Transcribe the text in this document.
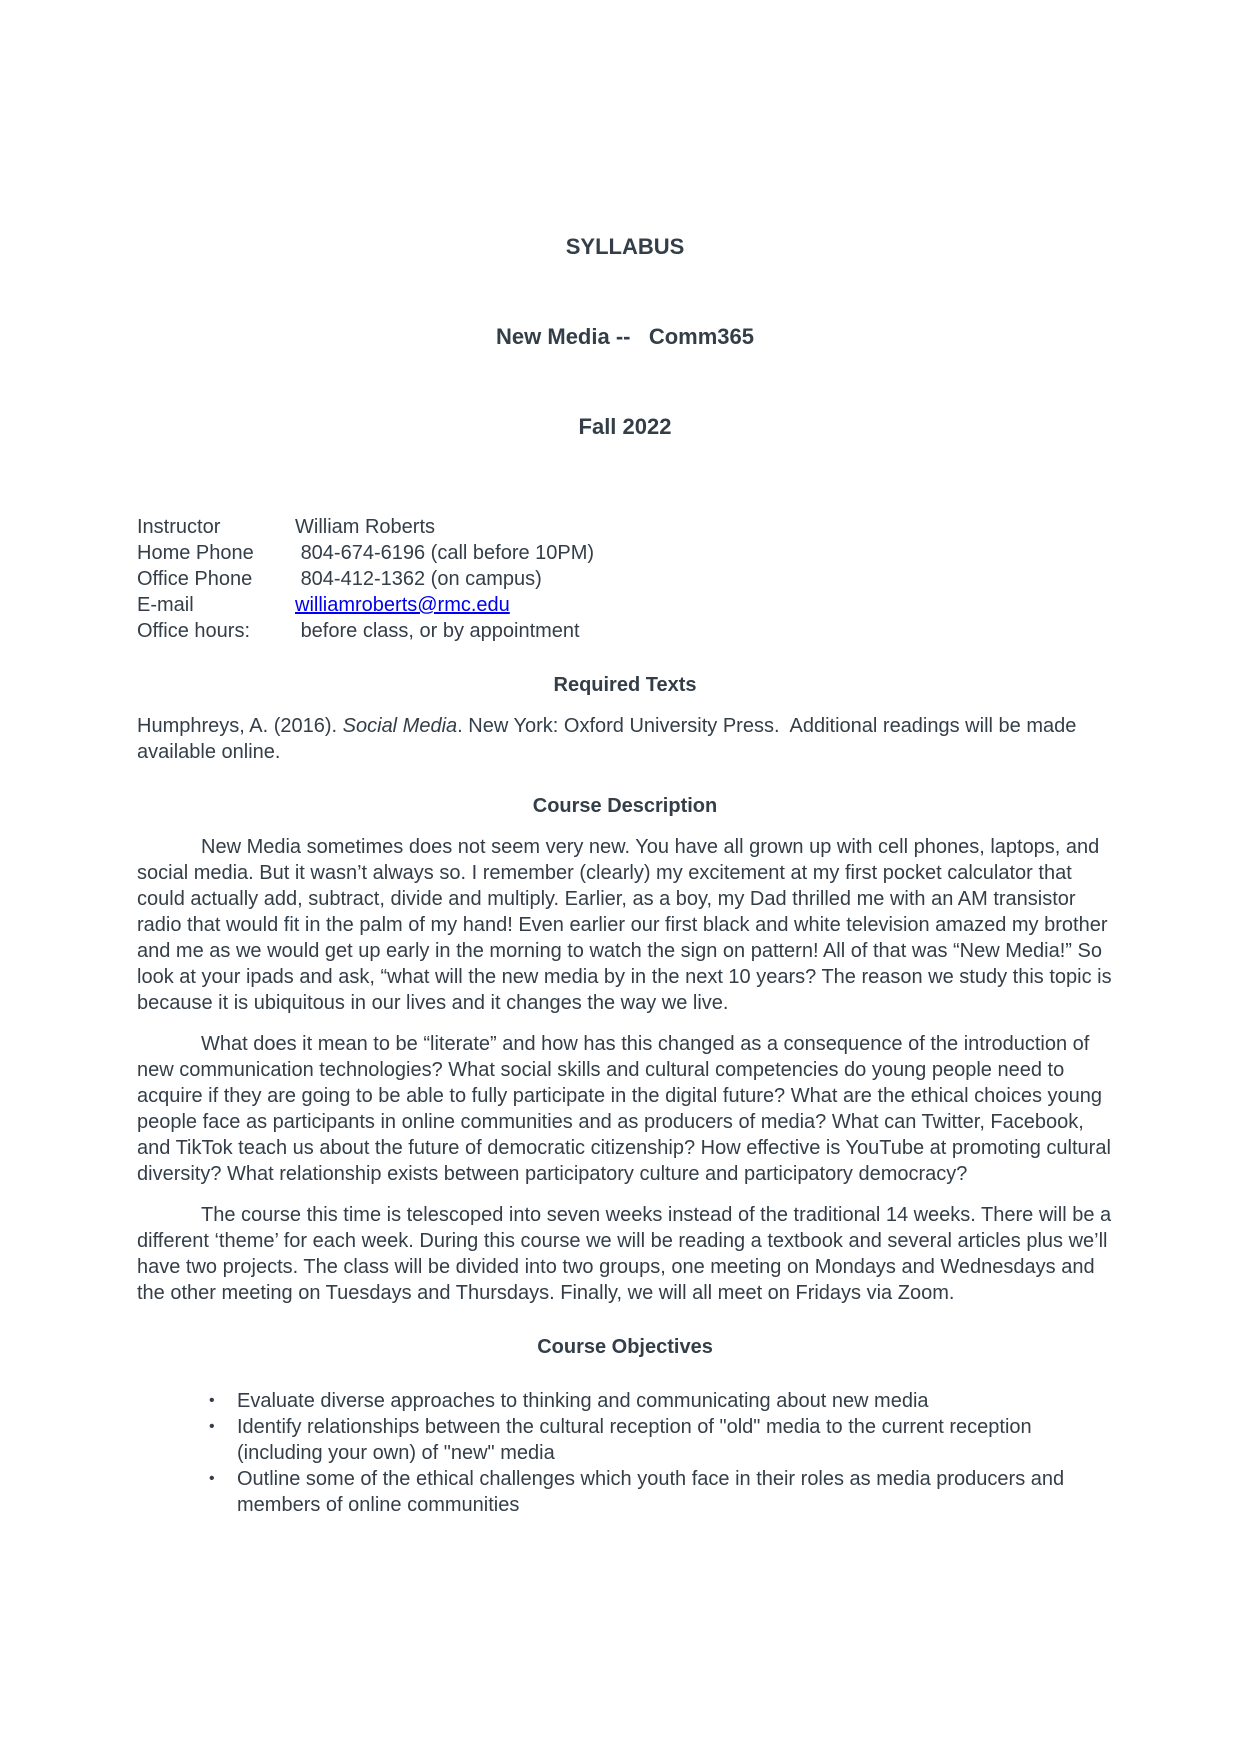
SYLLABUS

New Media --   Comm365

Fall 2022

Instructor	William Roberts
Home Phone	804-674-6196 (call before 10PM)
Office Phone	804-412-1362 (on campus)
E-mail	williamroberts@rmc.edu
Office hours:	before class, or by appointment
Required Texts

Humphreys, A. (2016). Social Media. New York: Oxford University Press.  Additional readings will be made available online.

Course Description

New Media sometimes does not seem very new. You have all grown up with cell phones, laptops, and social media. But it wasn’t always so. I remember (clearly) my excitement at my first pocket calculator that could actually add, subtract, divide and multiply. Earlier, as a boy, my Dad thrilled me with an AM transistor radio that would fit in the palm of my hand! Even earlier our first black and white television amazed my brother and me as we would get up early in the morning to watch the sign on pattern! All of that was “New Media!” So look at your ipads and ask, “what will the new media by in the next 10 years? The reason we study this topic is because it is ubiquitous in our lives and it changes the way we live.

What does it mean to be “literate” and how has this changed as a consequence of the introduction of new communication technologies? What social skills and cultural competencies do young people need to acquire if they are going to be able to fully participate in the digital future? What are the ethical choices young people face as participants in online communities and as producers of media? What can Twitter, Facebook, and TikTok teach us about the future of democratic citizenship? How effective is YouTube at promoting cultural diversity? What relationship exists between participatory culture and participatory democracy?

The course this time is telescoped into seven weeks instead of the traditional 14 weeks. There will be a different ‘theme’ for each week. During this course we will be reading a textbook and several articles plus we’ll have two projects. The class will be divided into two groups, one meeting on Mondays and Wednesdays and the other meeting on Tuesdays and Thursdays. Finally, we will all meet on Fridays via Zoom.

Course Objectives
• Evaluate diverse approaches to thinking and communicating about new media
• Identify relationships between the cultural reception of "old" media to the current reception (including your own) of "new" media
• Outline some of the ethical challenges which youth face in their roles as media producers and members of online communities
